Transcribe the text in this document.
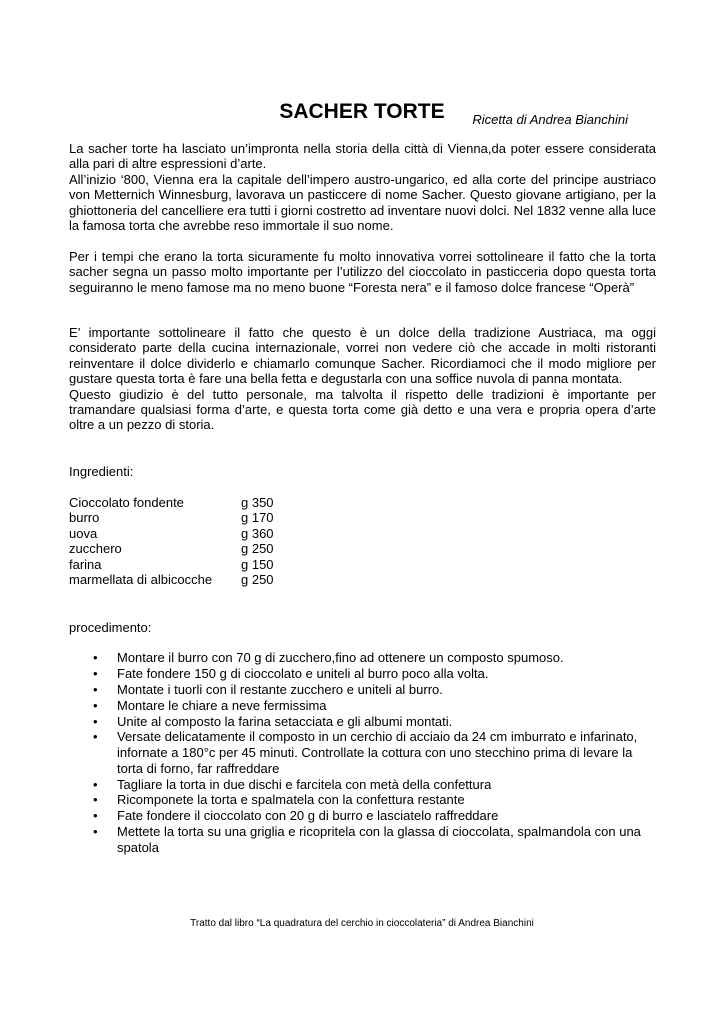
SACHER TORTE	Ricetta di Andrea Bianchini
La sacher torte ha lasciato un’impronta nella storia della città di Vienna,da poter essere considerata alla pari di altre espressioni d’arte.
All’inizio ‘800, Vienna era la capitale dell’impero austro-ungarico, ed alla corte del principe austriaco von Metternich Winnesburg, lavorava un pasticcere di nome Sacher. Questo giovane artigiano, per la ghiottoneria del cancelliere era tutti i giorni costretto ad inventare nuovi dolci. Nel 1832 venne alla luce la famosa torta che avrebbe reso immortale il suo nome.
Per i tempi che erano la torta sicuramente fu molto innovativa vorrei sottolineare il fatto che la torta sacher segna un passo molto importante per l’utilizzo del cioccolato in pasticceria dopo questa torta seguiranno le meno famose ma no meno buone “Foresta nera” e il famoso dolce francese “Operà”
E’ importante sottolineare il fatto che questo è un dolce della tradizione Austriaca, ma oggi considerato parte della cucina internazionale, vorrei non vedere ciò che accade in molti ristoranti reinventare il dolce dividerlo e chiamarlo comunque Sacher. Ricordiamoci che il modo migliore per gustare questa torta è fare una bella fetta e degustarla con una soffice nuvola di panna montata.
Questo giudizio è del tutto personale, ma talvolta il rispetto delle tradizioni è importante per tramandare qualsiasi forma d’arte, e questa torta come già detto e una vera e propria opera d’arte oltre a un pezzo di storia.

Ingredienti:

Cioccolato fondente	g 350
burro	g 170
uova	g 360
zucchero	g 250
farina	g 150
marmellata di albicocche	g 250

procedimento:

• Montare il burro con 70 g di zucchero,fino ad ottenere un composto spumoso.
• Fate fondere 150 g di cioccolato e uniteli al burro poco alla volta.
• Montate i tuorli con il restante zucchero e uniteli al burro.
• Montare le chiare a neve fermissima
• Unite al composto la farina setacciata e gli albumi montati.
• Versate delicatamente il composto in un cerchio di acciaio da 24 cm imburrato e infarinato, infornate a 180°c per 45 minuti. Controllate la cottura con uno stecchino prima di levare la torta di forno, far raffreddare
• Tagliare la torta in due dischi e farcitela con metà della confettura
• Ricomponete la torta e spalmatela con la confettura restante
• Fate fondere il cioccolato con 20 g di burro e lasciatelo raffreddare
• Mettete la torta su una griglia e ricopritela con la glassa di cioccolata, spalmandola con una spatola
Tratto dal libro “La quadratura del cerchio in cioccolateria” di Andrea Bianchini
